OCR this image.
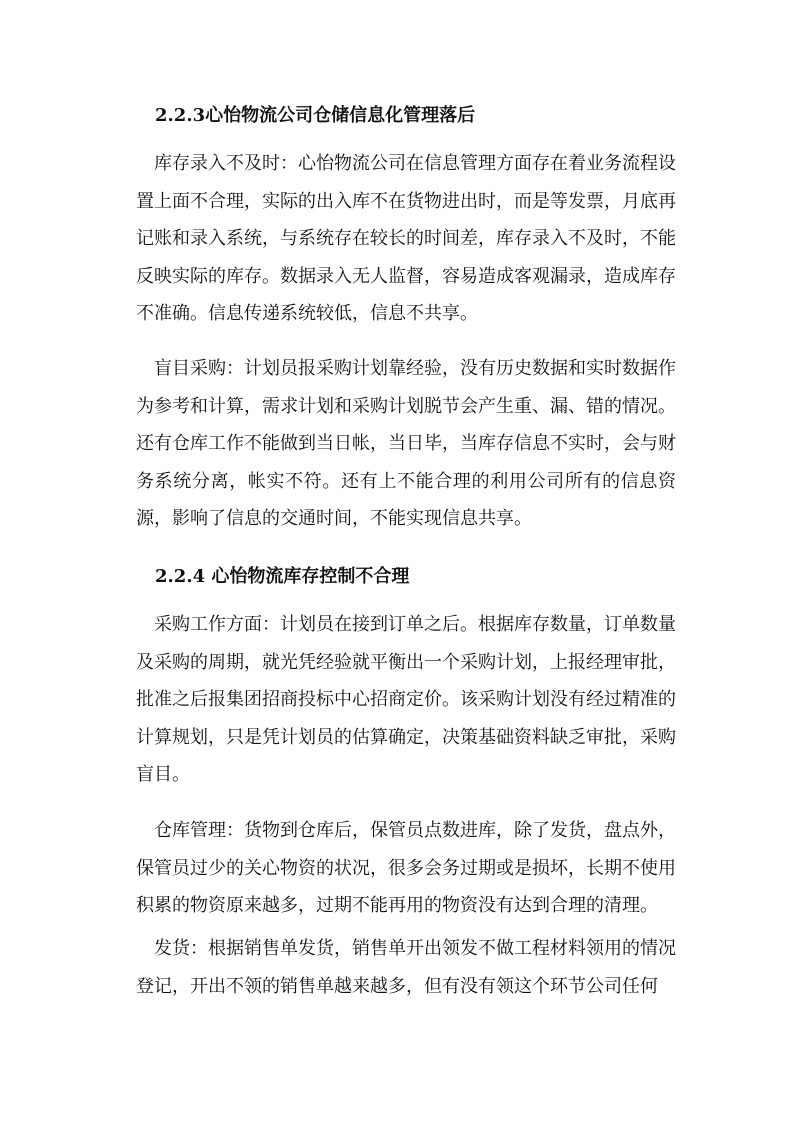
2.2.3心怡物流公司仓储信息化管理落后

库存录入不及时：心怡物流公司在信息管理方面存在着业务流程设置上面不合理，实际的出入库不在货物进出时，而是等发票，月底再记账和录入系统，与系统存在较长的时间差，库存录入不及时，不能反映实际的库存。数据录入无人监督，容易造成客观漏录，造成库存不准确。信息传递系统较低，信息不共享。

盲目采购：计划员报采购计划靠经验，没有历史数据和实时数据作为参考和计算，需求计划和采购计划脱节会产生重、漏、错的情况。还有仓库工作不能做到当日帐，当日毕，当库存信息不实时，会与财务系统分离，帐实不符。还有上不能合理的利用公司所有的信息资源，影响了信息的交通时间，不能实现信息共享。

2.2.4 心怡物流库存控制不合理

采购工作方面：计划员在接到订单之后。根据库存数量，订单数量及采购的周期，就光凭经验就平衡出一个采购计划，上报经理审批，批准之后报集团招商投标中心招商定价。该采购计划没有经过精准的计算规划，只是凭计划员的估算确定，决策基础资料缺乏审批，采购盲目。

仓库管理：货物到仓库后，保管员点数进库，除了发货，盘点外，保管员过少的关心物资的状况，很多会务过期或是损坏，长期不使用积累的物资原来越多，过期不能再用的物资没有达到合理的清理。

发货：根据销售单发货，销售单开出领发不做工程材料领用的情况登记，开出不领的销售单越来越多，但有没有领这个环节公司任何
